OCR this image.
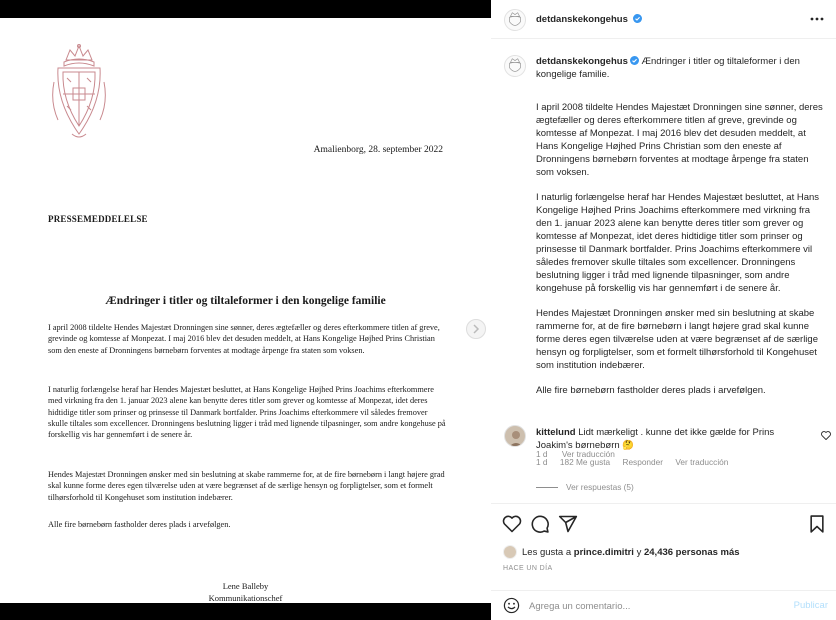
Amalienborg, 28. september 2022
PRESSEMEDDELELSE
Ændringer i titler og tiltaleformer i den kongelige familie
I april 2008 tildelte Hendes Majestæt Dronningen sine sønner, deres ægtefæller og deres efterkommere titlen af greve, grevinde og komtesse af Monpezat. I maj 2016 blev det desuden meddelt, at Hans Kongelige Højhed Prins Christian som den eneste af Dronningens børnebørn forventes at modtage årpenge fra staten som voksen.
I naturlig forlængelse heraf har Hendes Majestæt besluttet, at Hans Kongelige Højhed Prins Joachims efterkommere med virkning fra den 1. januar 2023 alene kan benytte deres titler som grever og komtesse af Monpezat, idet deres hidtidige titler som prinser og prinsesse til Danmark bortfalder. Prins Joachims efterkommere vil således fremover skulle tiltales som excellencer. Dronningens beslutning ligger i tråd med lignende tilpasninger, som andre kongehuse på forskellig vis har gennemført i de senere år.
Hendes Majestæt Dronningen ønsker med sin beslutning at skabe rammerne for, at de fire børnebørn i langt højere grad skal kunne forme deres egen tilværelse uden at være begrænset af de særlige hensyn og forpligtelser, som et formelt tilhørsforhold til Kongehuset som institution indebærer.
Alle fire børnebørn fastholder deres plads i arvefølgen.
Lene Balleby
Kommunikationschef
detdanskekongehus
detdanskekongehus Ændringer i titler og tiltaleformer i den kongelige familie.
I april 2008 tildelte Hendes Majestæt Dronningen sine sønner, deres ægtefæller og deres efterkommere titlen af greve, grevinde og komtesse af Monpezat. I maj 2016 blev det desuden meddelt, at Hans Kongelige Højhed Prins Christian som den eneste af Dronningens børnebørn forventes at modtage årpenge fra staten som voksen.
I naturlig forlængelse heraf har Hendes Majestæt besluttet, at Hans Kongelige Højhed Prins Joachims efterkommere med virkning fra den 1. januar 2023 alene kan benytte deres titler som grever og komtesse af Monpezat, idet deres hidtidige titler som prinser og prinsesse til Danmark bortfalder. Prins Joachims efterkommere vil således fremover skulle tiltales som excellencer. Dronningens beslutning ligger i tråd med lignende tilpasninger, som andre kongehuse på forskellig vis har gennemført i de senere år.
Hendes Majestæt Dronningen ønsker med sin beslutning at skabe rammerne for, at de fire børnebørn i langt højere grad skal kunne forme deres egen tilværelse uden at være begrænset af de særlige hensyn og forpligtelser, som et formelt tilhørsforhold til Kongehuset som institution indebærer.
Alle fire børnebørn fastholder deres plads i arvefølgen.
1 d Ver traducción
kittelund Lidt mærkeligt . kunne det ikke gælde for Prins Joakim's børnebørn 🤔
1 d 182 Me gusta Responder Ver traducción
Ver respuestas (5)
Les gusta a
prince.dimitri
y
24,436 personas más
HACE UN DÍA
Agrega un comentario...
Publicar
